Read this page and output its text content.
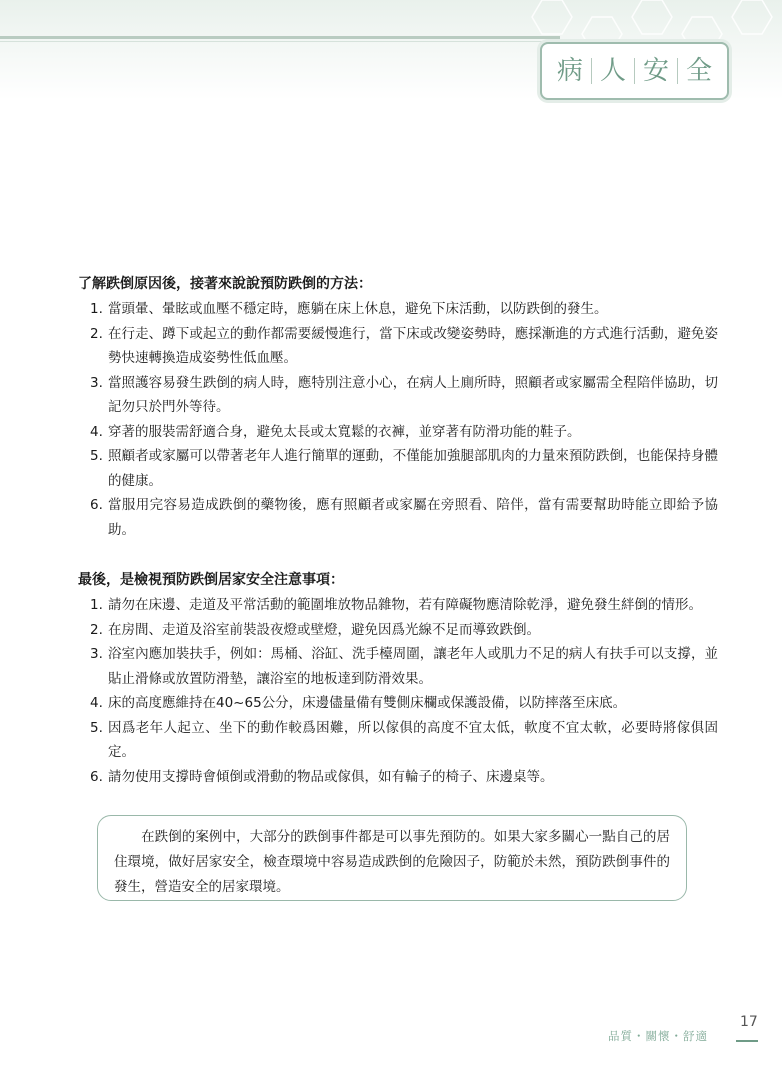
病 人 安 全

了解跌倒原因後，接著來說說預防跌倒的方法：

1. 當頭暈、暈眩或血壓不穩定時，應躺在床上休息，避免下床活動，以防跌倒的發生。
2. 在行走、蹲下或起立的動作都需要緩慢進行，當下床或改變姿勢時，應採漸進的方式進行活動，避免姿勢快速轉換造成姿勢性低血壓。
3. 當照護容易發生跌倒的病人時，應特別注意小心，在病人上廁所時，照顧者或家屬需全程陪伴協助，切記勿只於門外等待。
4. 穿著的服裝需舒適合身，避免太長或太寬鬆的衣褲，並穿著有防滑功能的鞋子。
5. 照顧者或家屬可以帶著老年人進行簡單的運動，不僅能加強腿部肌肉的力量來預防跌倒，也能保持身體的健康。
6. 當服用完容易造成跌倒的藥物後，應有照顧者或家屬在旁照看、陪伴，當有需要幫助時能立即給予協助。

最後，是檢視預防跌倒居家安全注意事項：

1. 請勿在床邊、走道及平常活動的範圍堆放物品雜物，若有障礙物應清除乾淨，避免發生絆倒的情形。
2. 在房間、走道及浴室前裝設夜燈或壁燈，避免因爲光線不足而導致跌倒。
3. 浴室內應加裝扶手，例如：馬桶、浴缸、洗手檯周圍，讓老年人或肌力不足的病人有扶手可以支撐，並貼止滑條或放置防滑墊，讓浴室的地板達到防滑效果。
4. 床的高度應維持在40~65公分，床邊儘量備有雙側床欄或保護設備，以防摔落至床底。
5. 因爲老年人起立、坐下的動作較爲困難，所以傢俱的高度不宜太低，軟度不宜太軟，必要時將傢俱固定。
6. 請勿使用支撐時會傾倒或滑動的物品或傢俱，如有輪子的椅子、床邊桌等。
　　在跌倒的案例中，大部分的跌倒事件都是可以事先預防的。如果大家多關心一點自己的居住環境，做好居家安全，檢查環境中容易造成跌倒的危險因子，防範於未然，預防跌倒事件的發生，營造安全的居家環境。
品質・關懷・舒適
17
